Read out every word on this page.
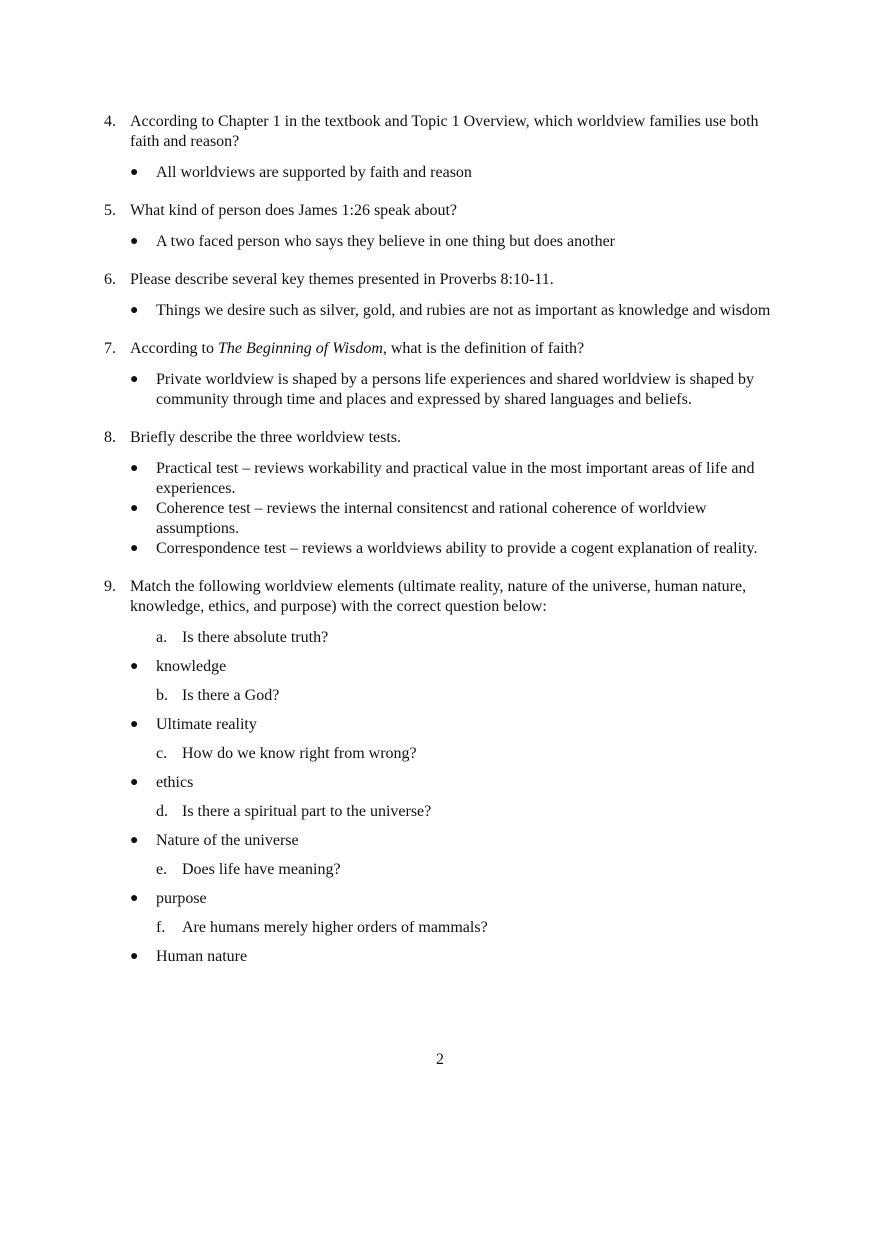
4. According to Chapter 1 in the textbook and Topic 1 Overview, which worldview families use both faith and reason?
●	All worldviews are supported by faith and reason
5. What kind of person does James 1:26 speak about?
●	A two faced person who says they believe in one thing but does another
6. Please describe several key themes presented in Proverbs 8:10-11.
●	Things we desire such as silver, gold, and rubies are not as important as knowledge and wisdom
7. According to The Beginning of Wisdom, what is the definition of faith?
●	Private worldview is shaped by a persons life experiences and shared worldview is shaped by community through time and places and expressed by shared languages and beliefs.
8. Briefly describe the three worldview tests.
●	Practical test – reviews workability and practical value in the most important areas of life and experiences.
●	Coherence test – reviews the internal consitencst and rational coherence of worldview assumptions.
●	Correspondence test – reviews a worldviews ability to provide a cogent explanation of reality.
9. Match the following worldview elements (ultimate reality, nature of the universe, human nature, knowledge, ethics, and purpose) with the correct question below:
a. Is there absolute truth?
●	knowledge
b. Is there a God?
●	Ultimate reality
c. How do we know right from wrong?
●	ethics
d. Is there a spiritual part to the universe?
●	Nature of the universe
e. Does life have meaning?
●	purpose
f.	Are humans merely higher orders of mammals?
●	Human nature
2
